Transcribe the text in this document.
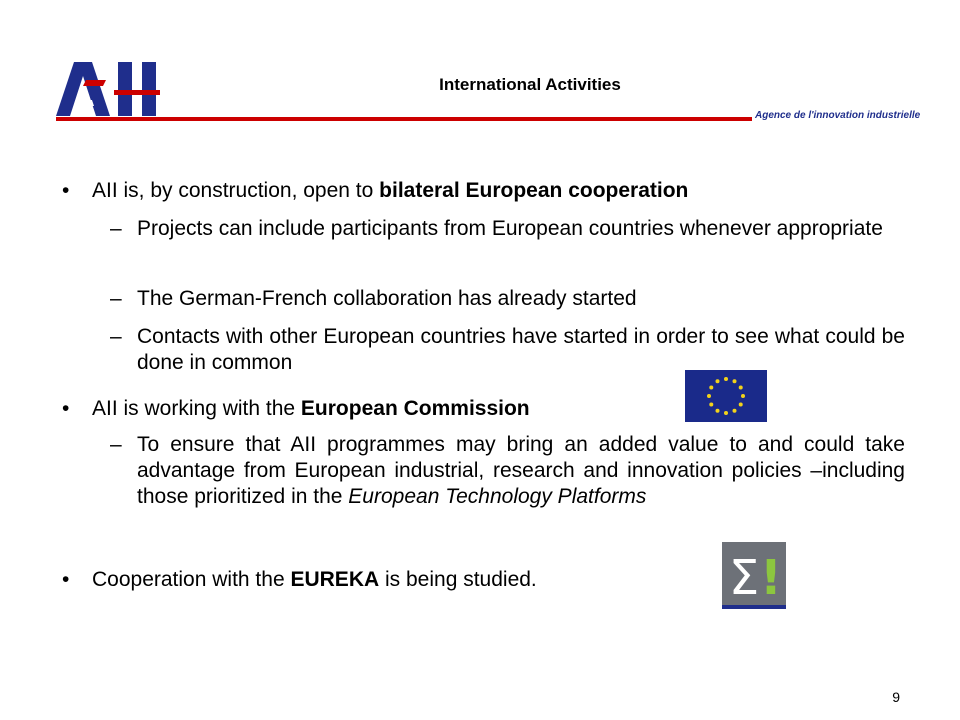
International Activities
Agence de l'innovation industrielle
• AII is, by construction, open to bilateral European cooperation
– Projects can include participants from European countries whenever appropriate
– The German-French collaboration has already started
– Contacts with other European countries have started in order to see what could be done in common
• AII is working with the European Commission
– To ensure that AII programmes may bring an added value to and could take advantage from European industrial, research and innovation policies –including those prioritized in the European Technology Platforms
• Cooperation with the EUREKA is being studied.	Σ !
9
